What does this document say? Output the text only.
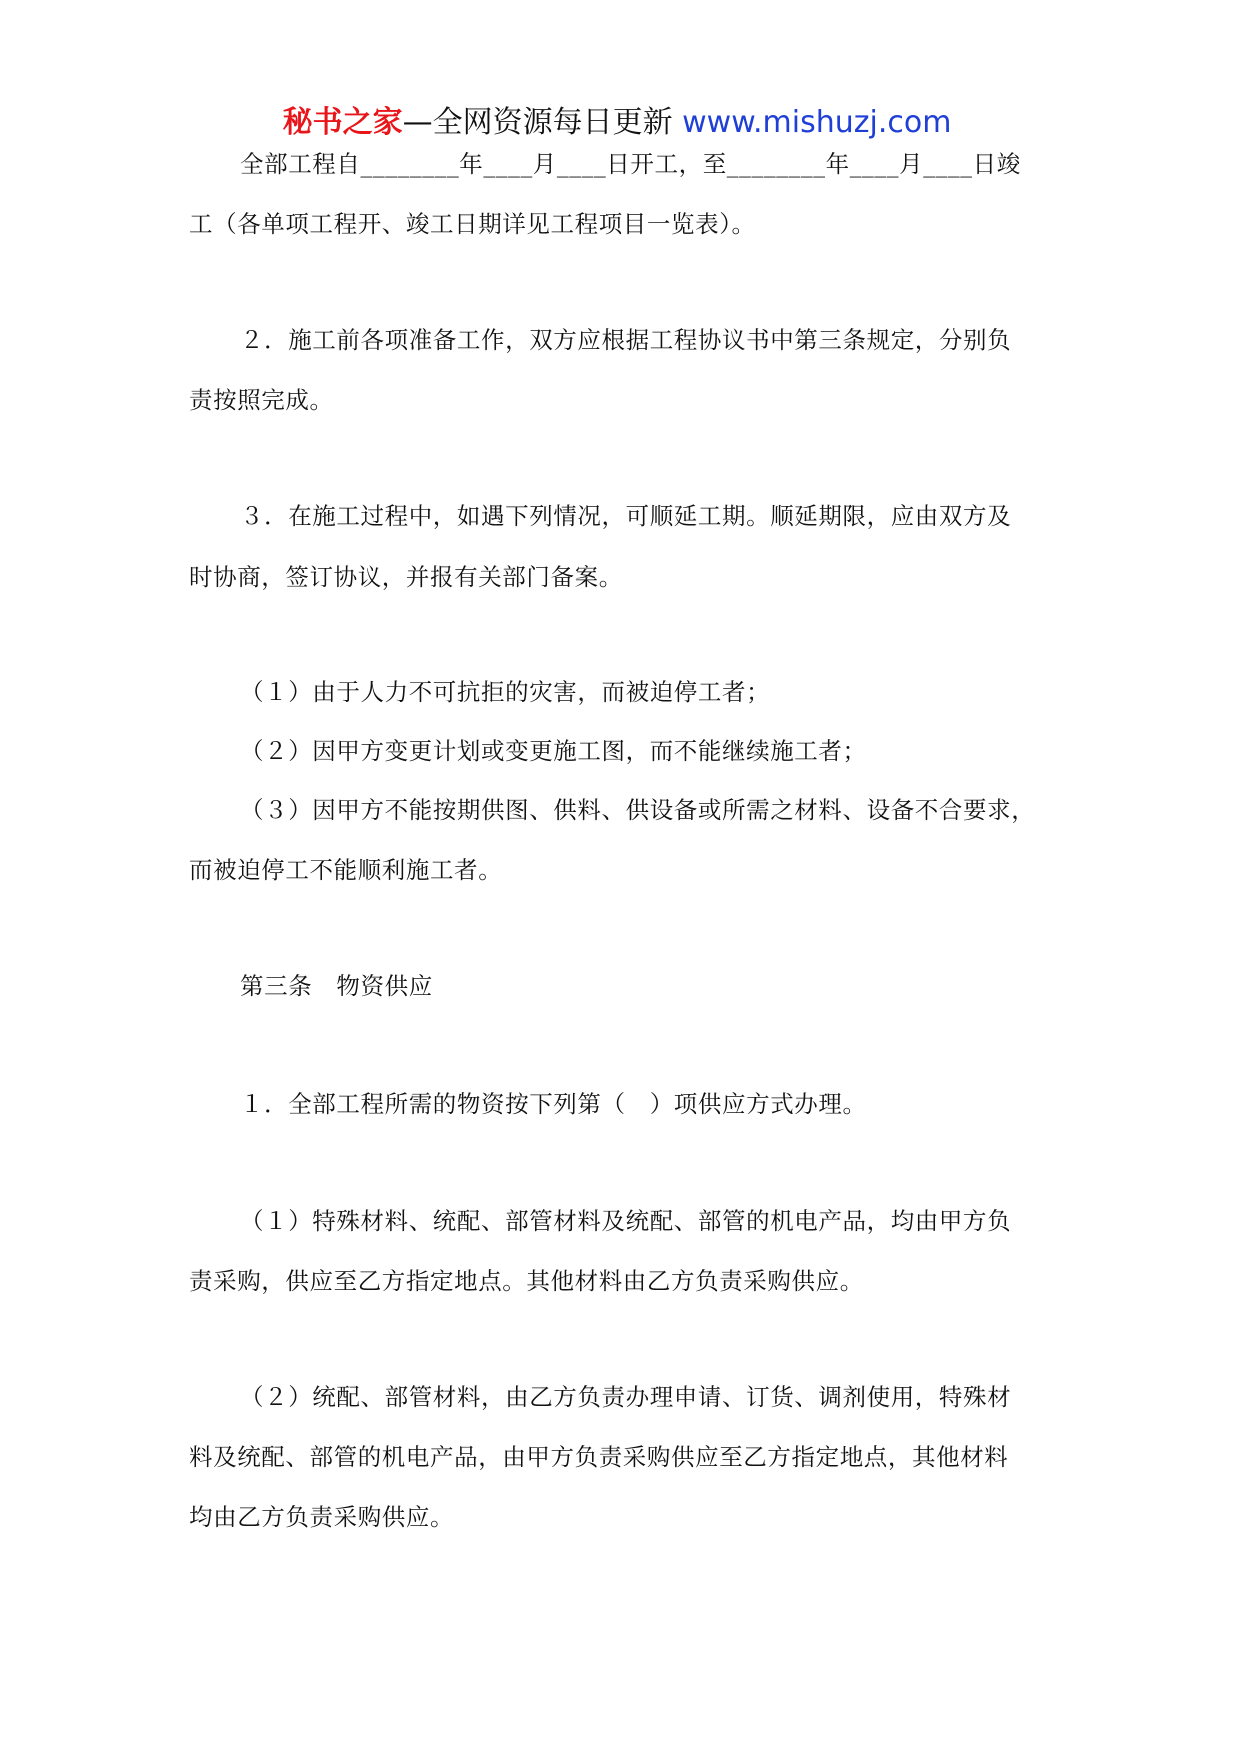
秘书之家—全网资源每日更新 www.mishuzj.com
全部工程自________年____月____日开工，至________年____月____日竣
工（各单项工程开、竣工日期详见工程项目一览表）。
２．施工前各项准备工作，双方应根据工程协议书中第三条规定，分别负
责按照完成。
３．在施工过程中，如遇下列情况，可顺延工期。顺延期限，应由双方及
时协商，签订协议，并报有关部门备案。
（１）由于人力不可抗拒的灾害，而被迫停工者；
（２）因甲方变更计划或变更施工图，而不能继续施工者；
（３）因甲方不能按期供图、供料、供设备或所需之材料、设备不合要求，
而被迫停工不能顺利施工者。
第三条　物资供应
１．全部工程所需的物资按下列第（　）项供应方式办理。
（１）特殊材料、统配、部管材料及统配、部管的机电产品，均由甲方负
责采购，供应至乙方指定地点。其他材料由乙方负责采购供应。
（２）统配、部管材料，由乙方负责办理申请、订货、调剂使用，特殊材
料及统配、部管的机电产品，由甲方负责采购供应至乙方指定地点，其他材料
均由乙方负责采购供应。
